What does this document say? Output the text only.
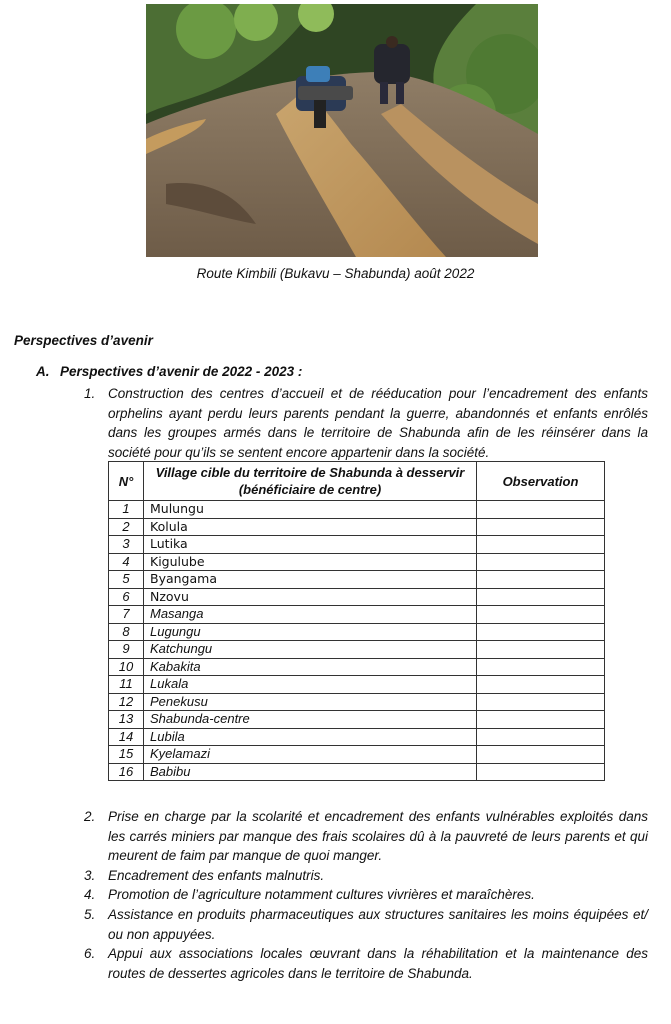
Route Kimbili (Bukavu – Shabunda) août 2022
Perspectives d’avenir
A. Perspectives d’avenir de 2022 - 2023 :
1. Construction des centres d’accueil et de rééducation pour l’encadrement des enfants orphelins ayant perdu leurs parents pendant la guerre, abandonnés et enfants enrôlés dans les groupes armés dans le territoire de Shabunda afin de les réinsérer dans la société pour qu’ils se sentent encore appartenir dans la société.
N°	Village cible du territoire de Shabunda à desservir (bénéficiaire de centre)	Observation
1	Mulungu	
2	Kolula	
3	Lutika	
4	Kigulube	
5	Byangama	
6	Nzovu	
7	Masanga	
8	Lugungu	
9	Katchungu	
10	Kabakita	
11	Lukala	
12	Penekusu	
13	Shabunda-centre	
14	Lubila	
15	Kyelamazi	
16	Babibu	
2. Prise en charge par la scolarité et encadrement des enfants vulnérables exploités dans les carrés miniers par manque des frais scolaires dû à la pauvreté de leurs parents et qui meurent de faim par manque de quoi manger.
3. Encadrement des enfants malnutris.
4. Promotion de l’agriculture notamment cultures vivrières et maraîchères.
5. Assistance en produits pharmaceutiques aux structures sanitaires les moins équipées et/ ou non appuyées.
6. Appui aux associations locales œuvrant dans la réhabilitation et la maintenance des routes de dessertes agricoles dans le territoire de Shabunda.
